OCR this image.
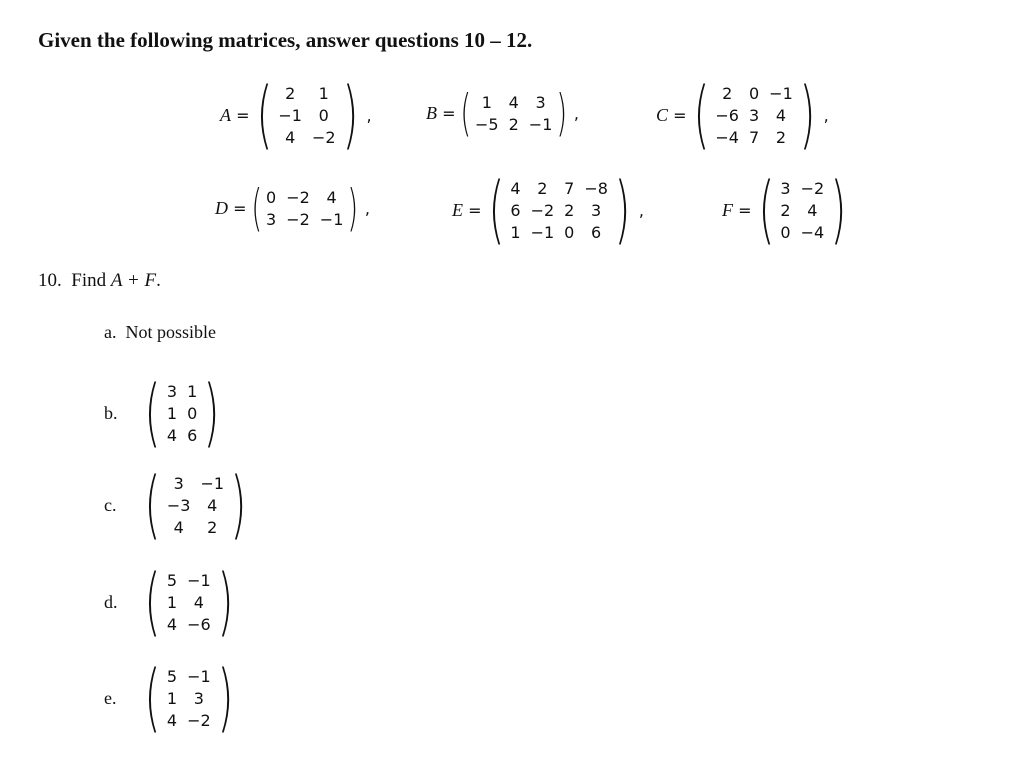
Given the following matrices, answer questions 10 – 12.
A = ( 2 1
−1 0
4 −2 ) ,	B = ( 1 4 3
−5 2 −1 ) ,	C = ( 2 0 −1
−6 3 4
−4 7 2 ) ,
D = ( 0 −2 4
3 −2 −1 ) ,	E = ( 4 2 7 −8
6 −2 2 3
1 −1 0 6 ) ,	F = ( 3 −2
2 4
0 −4 )
10. Find A + F.
a. Not possible
b. ( 3 1
1 0
4 6 )
c. ( 3 −1
−3 4
4 2 )
d. ( 5 −1
1 4
4 −6 )
e. ( 5 −1
1 3
4 −2 )
